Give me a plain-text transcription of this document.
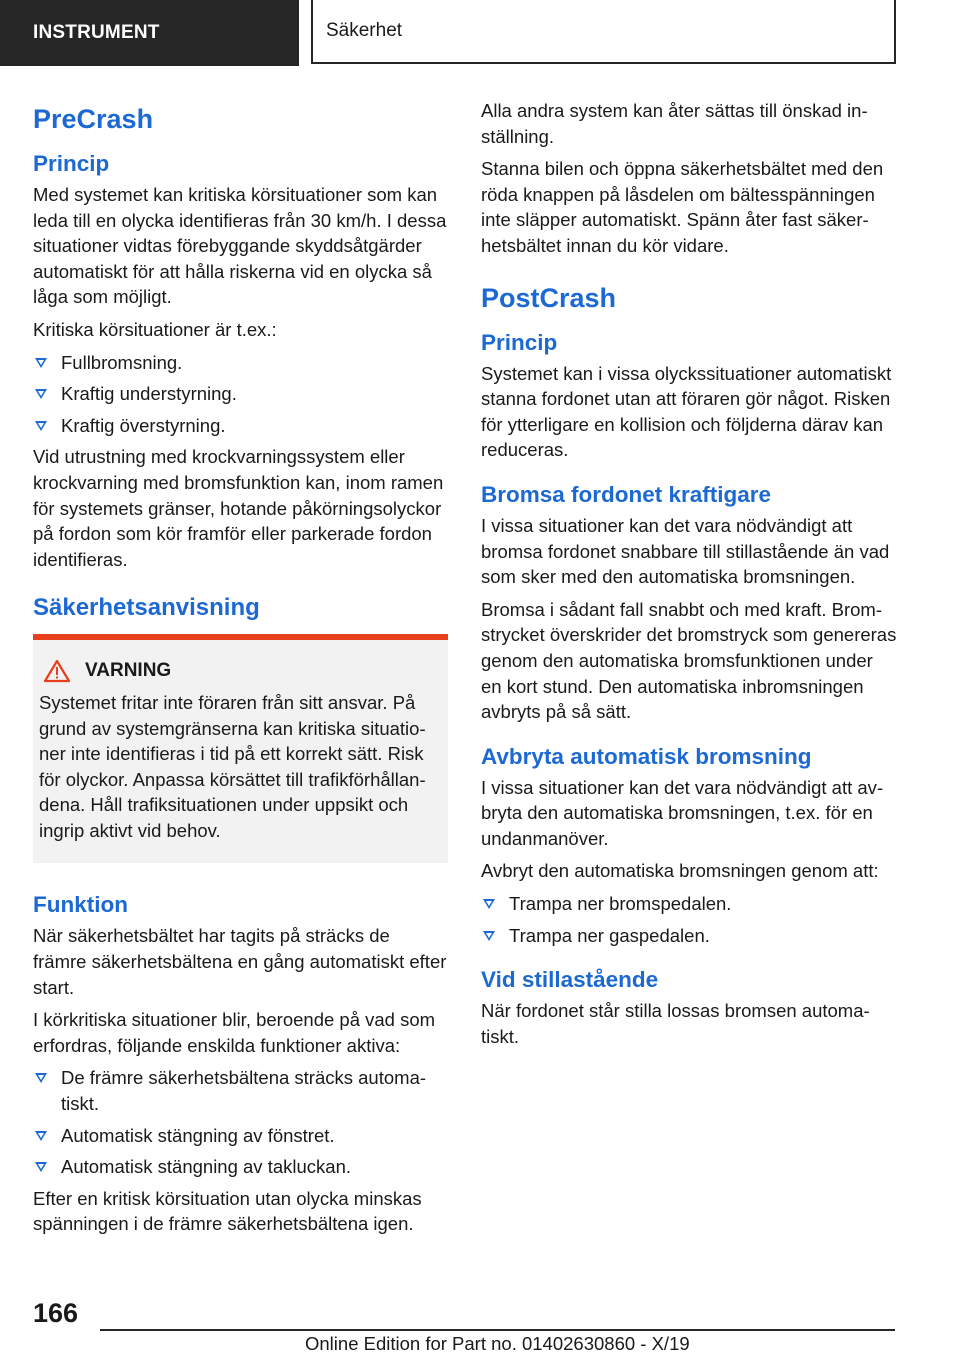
INSTRUMENT	Säkerhet
PreCrash
Princip

Med systemet kan kritiska körsituationer som kan leda till en olycka identifieras från 30 km/h. I dessa situationer vidtas förebyggande skyddsåtgärder automatiskt för att hålla riskerna vid en olycka så låga som möjligt.

Kritiska körsituationer är t.ex.:

Fullbromsning.
Kraftig understyrning.
Kraftig överstyrning.

Vid utrustning med krockvarningssystem eller krockvarning med bromsfunktion kan, inom ramen för systemets gränser, hotande påkörningsolyckor på fordon som kör framför eller parkerade fordon identifieras.

Säkerhetsanvisning
VARNING

Systemet fritar inte föraren från sitt ansvar. På grund av systemgränserna kan kritiska situationer inte identifieras i tid på ett korrekt sätt. Risk för olyckor. Anpassa körsättet till trafikförhållandena. Håll trafiksituationen under uppsikt och ingrip aktivt vid behov.

Funktion

När säkerhetsbältet har tagits på sträcks de främre säkerhetsbältena en gång automatiskt efter start.

I körkritiska situationer blir, beroende på vad som erfordras, följande enskilda funktioner aktiva:

De främre säkerhetsbältena sträcks automatiskt.
Automatisk stängning av fönstret.
Automatisk stängning av takluckan.

Efter en kritisk körsituation utan olycka minskas spänningen i de främre säkerhetsbältena igen.

Alla andra system kan åter sättas till önskad inställning.

Stanna bilen och öppna säkerhetsbältet med den röda knappen på låsdelen om bältesspänningen inte släpper automatiskt. Spänn åter fast säkerhetsbältet innan du kör vidare.

PostCrash
Princip

Systemet kan i vissa olyckssituationer automatiskt stanna fordonet utan att föraren gör något. Risken för ytterligare en kollision och följderna därav kan reduceras.

Bromsa fordonet kraftigare

I vissa situationer kan det vara nödvändigt att bromsa fordonet snabbare till stillastående än vad som sker med den automatiska bromsningen.

Bromsa i sådant fall snabbt och med kraft. Bromstrycket överskrider det bromstryck som genereras genom den automatiska bromsfunktionen under en kort stund. Den automatiska inbromsningen avbryts på så sätt.

Avbryta automatisk bromsning

I vissa situationer kan det vara nödvändigt att avbryta den automatiska bromsningen, t.ex. för en undanmanöver.

Avbryt den automatiska bromsningen genom att:

Trampa ner bromspedalen.
Trampa ner gaspedalen.
Vid stillastående

När fordonet står stilla lossas bromsen automatiskt.

166
Online Edition for Part no. 01402630860 - X/19
